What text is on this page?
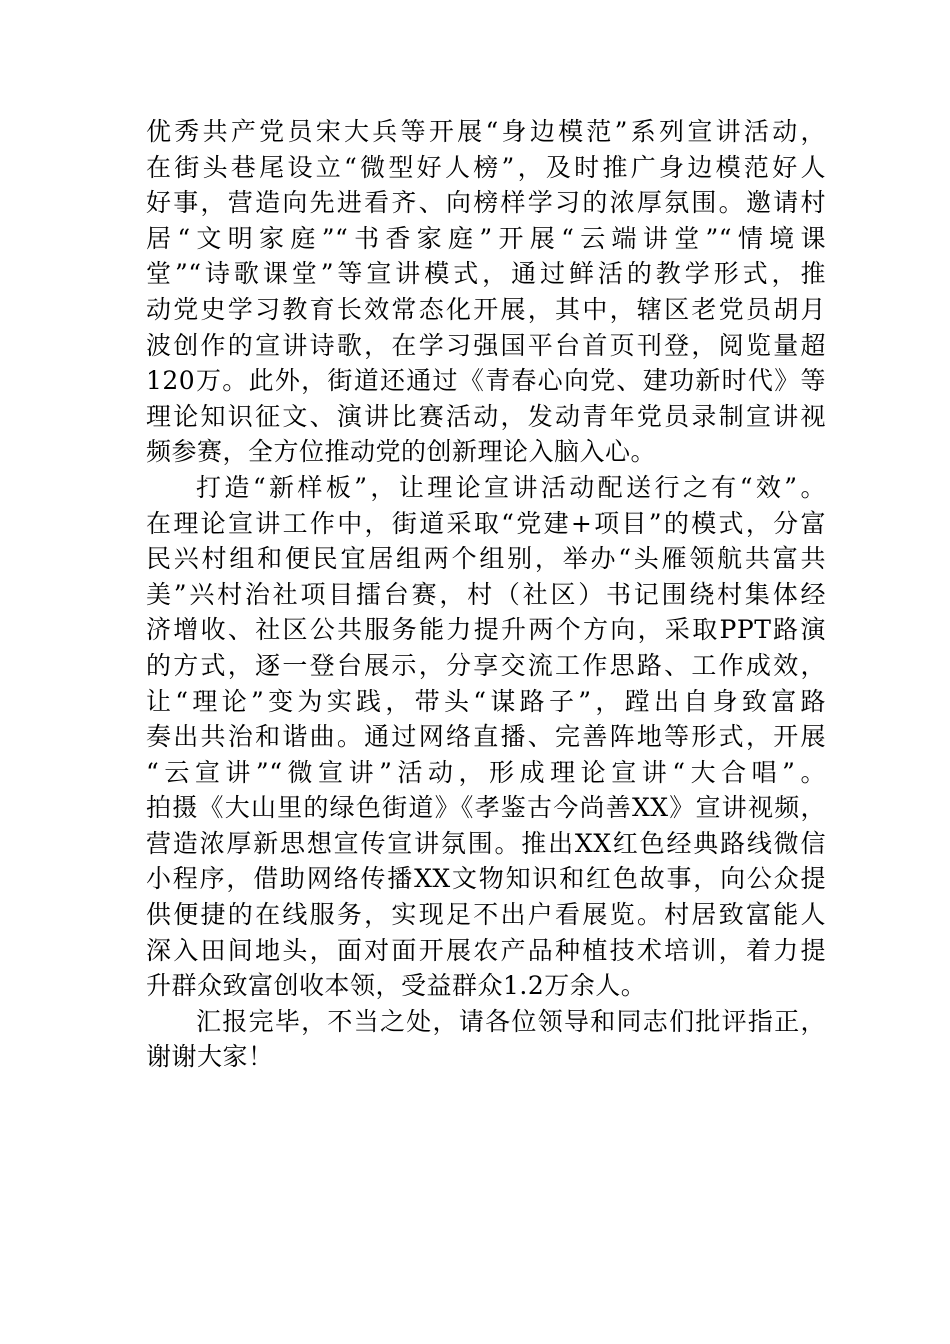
优秀共产党员宋大兵等开展“身边模范”系列宣讲活动，
在街头巷尾设立“微型好人榜”，及时推广身边模范好人
好事，营造向先进看齐、向榜样学习的浓厚氛围。邀请村
居“文明家庭”“书香家庭”开展“云端讲堂”“情境课
堂”“诗歌课堂”等宣讲模式，通过鲜活的教学形式，推
动党史学习教育长效常态化开展，其中，辖区老党员胡月
波创作的宣讲诗歌，在学习强国平台首页刊登，阅览量超
120万。此外，街道还通过《青春心向党、建功新时代》等
理论知识征文、演讲比赛活动，发动青年党员录制宣讲视
频参赛，全方位推动党的创新理论入脑入心。
打造“新样板”，让理论宣讲活动配送行之有“效”。
在理论宣讲工作中，街道采取“党建+项目”的模式，分富
民兴村组和便民宜居组两个组别，举办“头雁领航共富共
美”兴村治社项目擂台赛，村（社区）书记围绕村集体经
济增收、社区公共服务能力提升两个方向，采取PPT路演
的方式，逐一登台展示，分享交流工作思路、工作成效，
让“理论”变为实践，带头“谋路子”，蹚出自身致富路
奏出共治和谐曲。通过网络直播、完善阵地等形式，开展
“云宣讲”“微宣讲”活动，形成理论宣讲“大合唱”。
拍摄《大山里的绿色街道》《孝鉴古今尚善XX》宣讲视频，
营造浓厚新思想宣传宣讲氛围。推出XX红色经典路线微信
小程序，借助网络传播XX文物知识和红色故事，向公众提
供便捷的在线服务，实现足不出户看展览。村居致富能人
深入田间地头，面对面开展农产品种植技术培训，着力提
升群众致富创收本领，受益群众1.2万余人。
汇报完毕，不当之处，请各位领导和同志们批评指正，
谢谢大家！
